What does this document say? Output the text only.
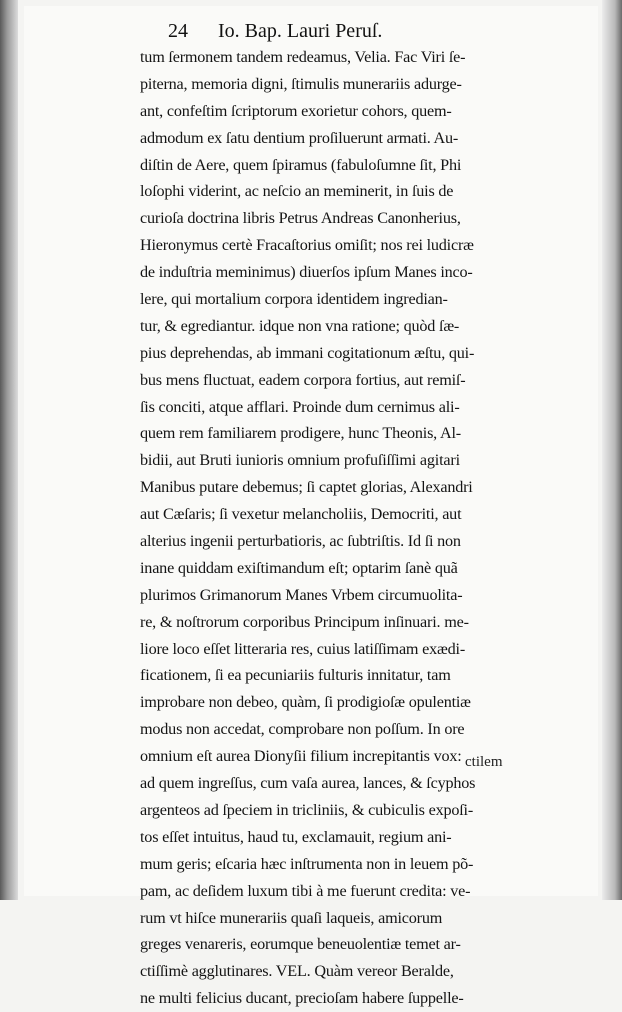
24 Io. Bap. Lauri Peruſ.
tum ſermonem tandem redeamus, Velia. Fac Viri ſe-
piterna, memoria digni, ſtimulis munerariis adurge-
ant, confeſtim ſcriptorum exorietur cohors, quem-
admodum ex ſatu dentium proſiluerunt armati. Au-
diſtin de Aere, quem ſpiramus (fabuloſumne ſit, Phi
loſophi viderint, ac neſcio an meminerit, in ſuis de
curioſa doctrina libris Petrus Andreas Canonherius,
Hieronymus certè Fracaſtorius omiſit; nos rei ludicræ
de induſtria meminimus) diuerſos ipſum Manes inco-
lere, qui mortalium corpora identidem ingredian-
tur, & egrediantur. idque non vna ratione; quòd ſæ-
pius deprehendas, ab immani cogitationum æſtu, qui-
bus mens fluctuat, eadem corpora fortius, aut remiſ-
ſis conciti, atque afflari. Proinde dum cernimus ali-
quem rem familiarem prodigere, hunc Theonis, Al-
bidii, aut Bruti iunioris omnium profuſiſſimi agitari
Manibus putare debemus; ſi captet glorias, Alexandri
aut Cæſaris; ſi vexetur melancholiis, Democriti, aut
alterius ingenii perturbatioris, ac ſubtriſtis. Id ſi non
inane quiddam exiſtimandum eſt; optarim ſanè quã
plurimos Grimanorum Manes Vrbem circumuolita-
re, & noſtrorum corporibus Principum inſinuari. me-
liore loco eſſet litteraria res, cuius latiſſimam exædi-
ficationem, ſi ea pecuniariis fulturis innitatur, tam
improbare non debeo, quàm, ſi prodigioſæ opulentiæ
modus non accedat, comprobare non poſſum. In ore
omnium eſt aurea Dionyſii filium increpitantis vox:
ad quem ingreſſus, cum vaſa aurea, lances, & ſcyphos
argenteos ad ſpeciem in tricliniis, & cubiculis expoſi-
tos eſſet intuitus, haud tu, exclamauit, regium ani-
mum geris; eſcaria hæc inſtrumenta non in leuem põ-
pam, ac deſidem luxum tibi à me fuerunt credita: ve-
rum vt hiſce munerariis quaſi laqueis, amicorum
greges venareris, eorumque beneuolentiæ temet ar-
ctiſſimè agglutinares. VEL. Quàm vereor Beralde,
ne multi felicius ducant, precioſam habere ſuppelle-
ctilem
